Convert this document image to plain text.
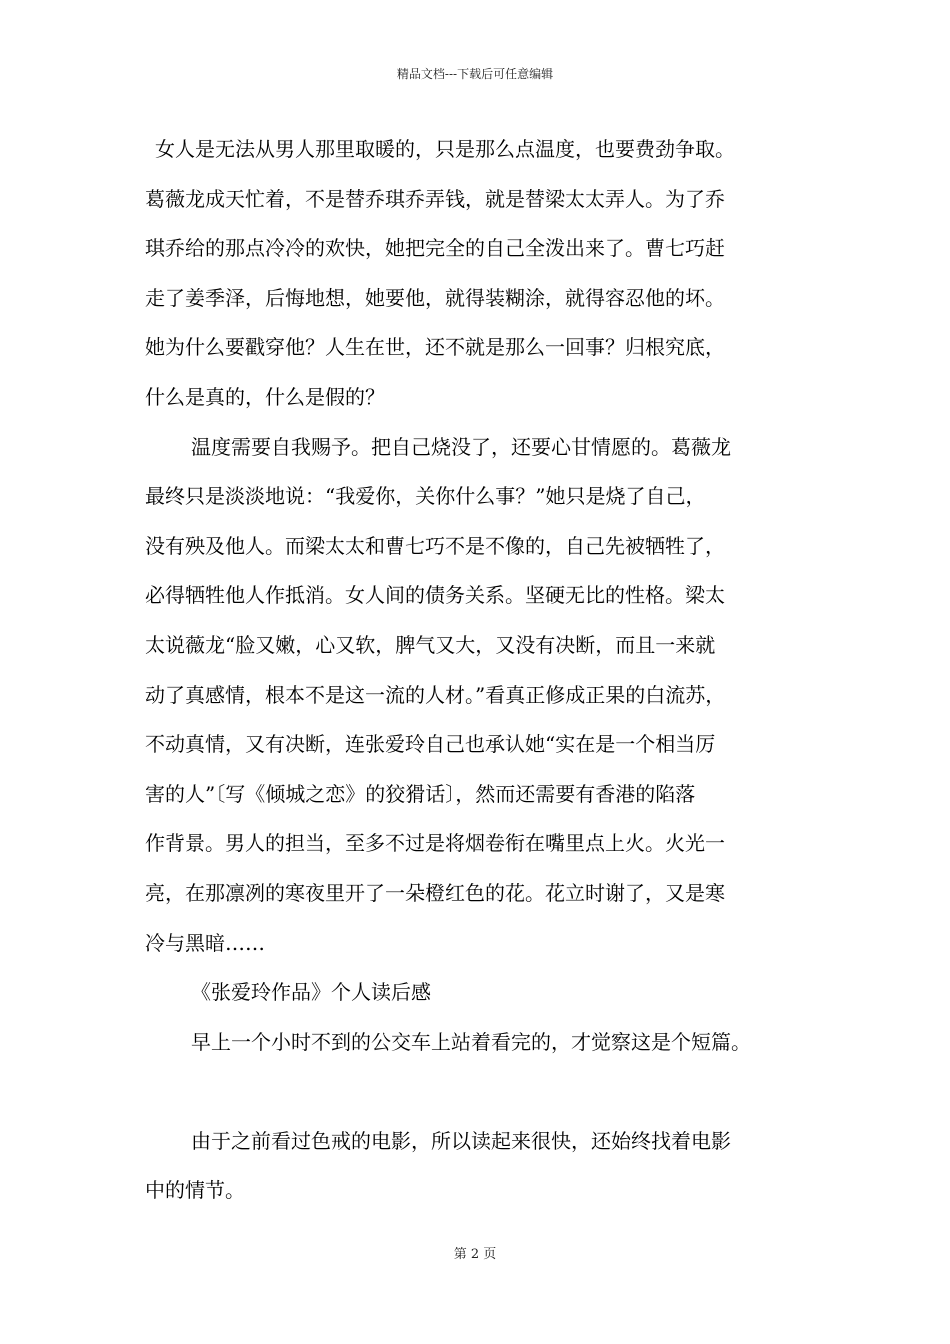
精品文档---下载后可任意编辑
女人是无法从男人那里取暖的，只是那么点温度，也要费劲争取。
葛薇龙成天忙着，不是替乔琪乔弄钱，就是替梁太太弄人。为了乔
琪乔给的那点冷冷的欢快，她把完全的自己全泼出来了。曹七巧赶
走了姜季泽，后悔地想，她要他，就得装糊涂，就得容忍他的坏。
她为什么要戳穿他？人生在世，还不就是那么一回事？归根究底，
什么是真的，什么是假的？
温度需要自我赐予。把自己烧没了，还要心甘情愿的。葛薇龙
最终只是淡淡地说：“我爱你，关你什么事？”她只是烧了自己，
没有殃及他人。而梁太太和曹七巧不是不像的，自己先被牺牲了，
必得牺牲他人作抵消。女人间的债务关系。坚硬无比的性格。梁太
太说薇龙“脸又嫩，心又软，脾气又大，又没有决断，而且一来就
动了真感情，根本不是这一流的人材。”看真正修成正果的白流苏，
不动真情，又有决断，连张爱玲自己也承认她“实在是一个相当厉
害的人”〔写《倾城之恋》的狡猾话〕，然而还需要有香港的陷落
作背景。男人的担当，至多不过是将烟卷衔在嘴里点上火。火光一
亮，在那凛冽的寒夜里开了一朵橙红色的花。花立时谢了，又是寒
冷与黑暗……
《张爱玲作品》个人读后感
早上一个小时不到的公交车上站着看完的，才觉察这是个短篇。
由于之前看过色戒的电影，所以读起来很快，还始终找着电影
中的情节。
第 2 页
